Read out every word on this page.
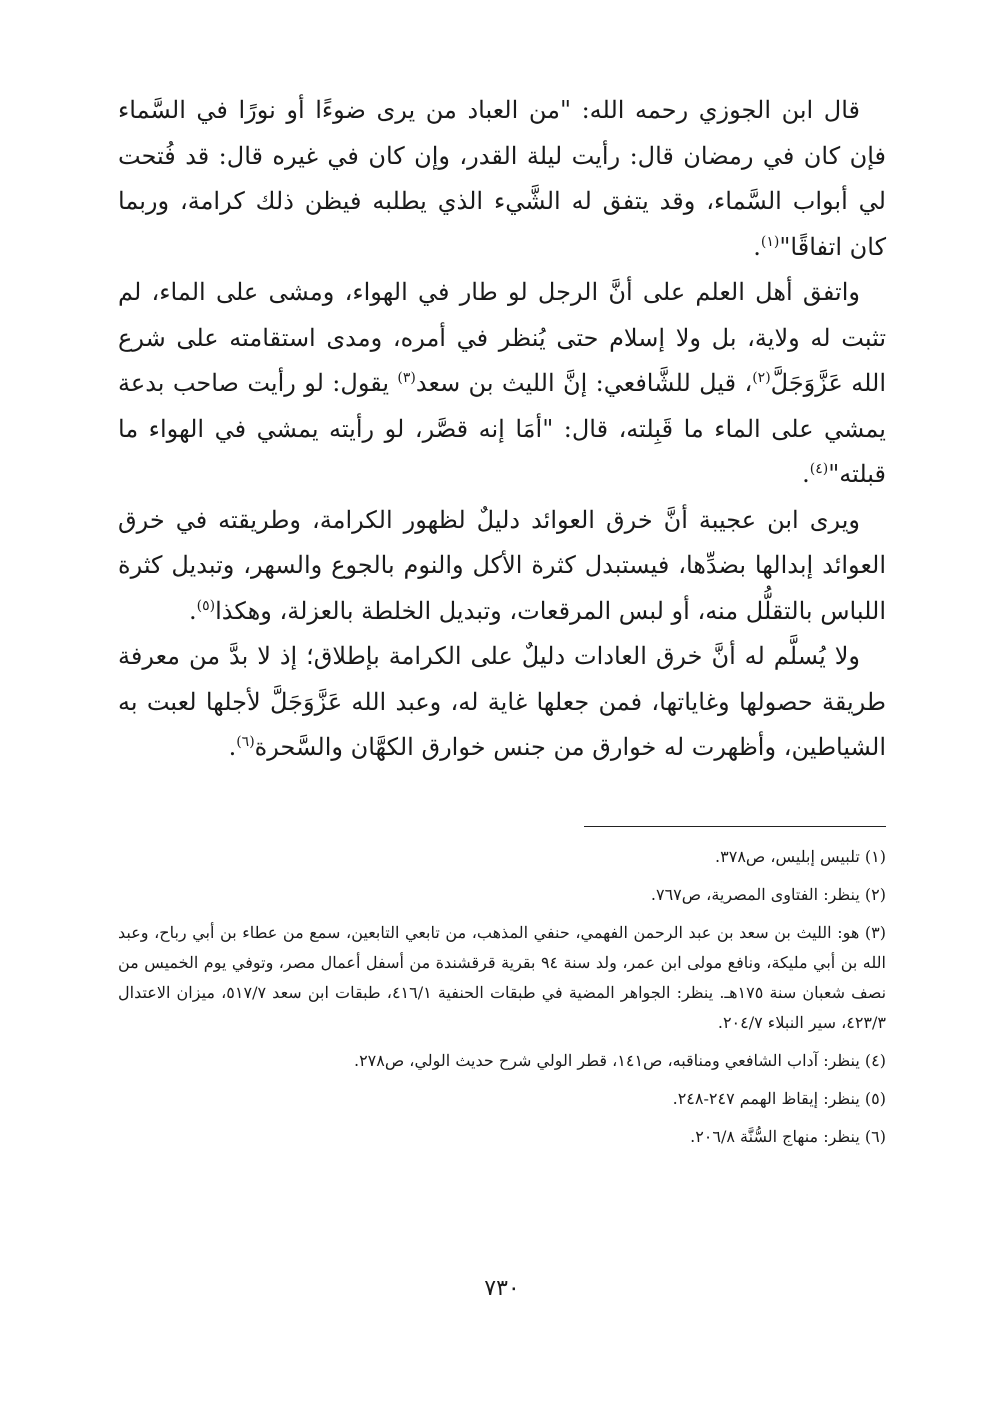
قال ابن الجوزي رحمه الله: "من العباد من يرى ضوءًا أو نورًا في السَّماء فإن كان في رمضان قال: رأيت ليلة القدر، وإن كان في غيره قال: قد فُتحت لي أبواب السَّماء، وقد يتفق له الشَّيء الذي يطلبه فيظن ذلك كرامة، وربما كان اتفاقًا"$^{(١)}$.

واتفق أهل العلم على أنَّ الرجل لو طار في الهواء، ومشى على الماء، لم تثبت له ولاية، بل ولا إسلام حتى يُنظر في أمره، ومدى استقامته على شرع الله عَزَّوَجَلَّ$^{(٢)}$، قيل للشَّافعي: إنَّ الليث بن سعد$^{(٣)}$ يقول: لو رأيت صاحب بدعة يمشي على الماء ما قَبِلته، قال: "أمَا إنه قصَّر، لو رأيته يمشي في الهواء ما قبلته"$^{(٤)}$.

ويرى ابن عجيبة أنَّ خرق العوائد دليلٌ لظهور الكرامة، وطريقته في خرق العوائد إبدالها بضدِّها، فيستبدل كثرة الأكل والنوم بالجوع والسهر، وتبديل كثرة اللباس بالتقلُّل منه، أو لبس المرقعات، وتبديل الخلطة بالعزلة، وهكذا$^{(٥)}$.

ولا يُسلَّم له أنَّ خرق العادات دليلٌ على الكرامة بإطلاق؛ إذ لا بدَّ من معرفة طريقة حصولها وغاياتها، فمن جعلها غاية له، وعبد الله عَزَّوَجَلَّ لأجلها لعبت به الشياطين، وأظهرت له خوارق من جنس خوارق الكهَّان والسَّحرة$^{(٦)}$.

(١) تلبيس إبليس، ص٣٧٨.
(٢) ينظر: الفتاوى المصرية، ص٧٦٧.
(٣) هو: الليث بن سعد بن عبد الرحمن الفهمي، حنفي المذهب، من تابعي التابعين، سمع من عطاء بن أبي رباح، وعبد الله بن أبي مليكة، ونافع مولى ابن عمر، ولد سنة ٩٤ بقرية قرقشندة من أسفل أعمال مصر، وتوفي يوم الخميس من نصف شعبان سنة ١٧٥هـ. ينظر: الجواهر المضية في طبقات الحنفية ٤١٦/١، طبقات ابن سعد ٥١٧/٧، ميزان الاعتدال ٤٢٣/٣، سير النبلاء ٢٠٤/٧.
(٤) ينظر: آداب الشافعي ومناقبه، ص١٤١، قطر الولي شرح حديث الولي، ص٢٧٨.
(٥) ينظر: إيقاظ الهمم ٢٤٧-٢٤٨.
(٦) ينظر: منهاج السُّنَّة ٢٠٦/٨.
٧٣٠
